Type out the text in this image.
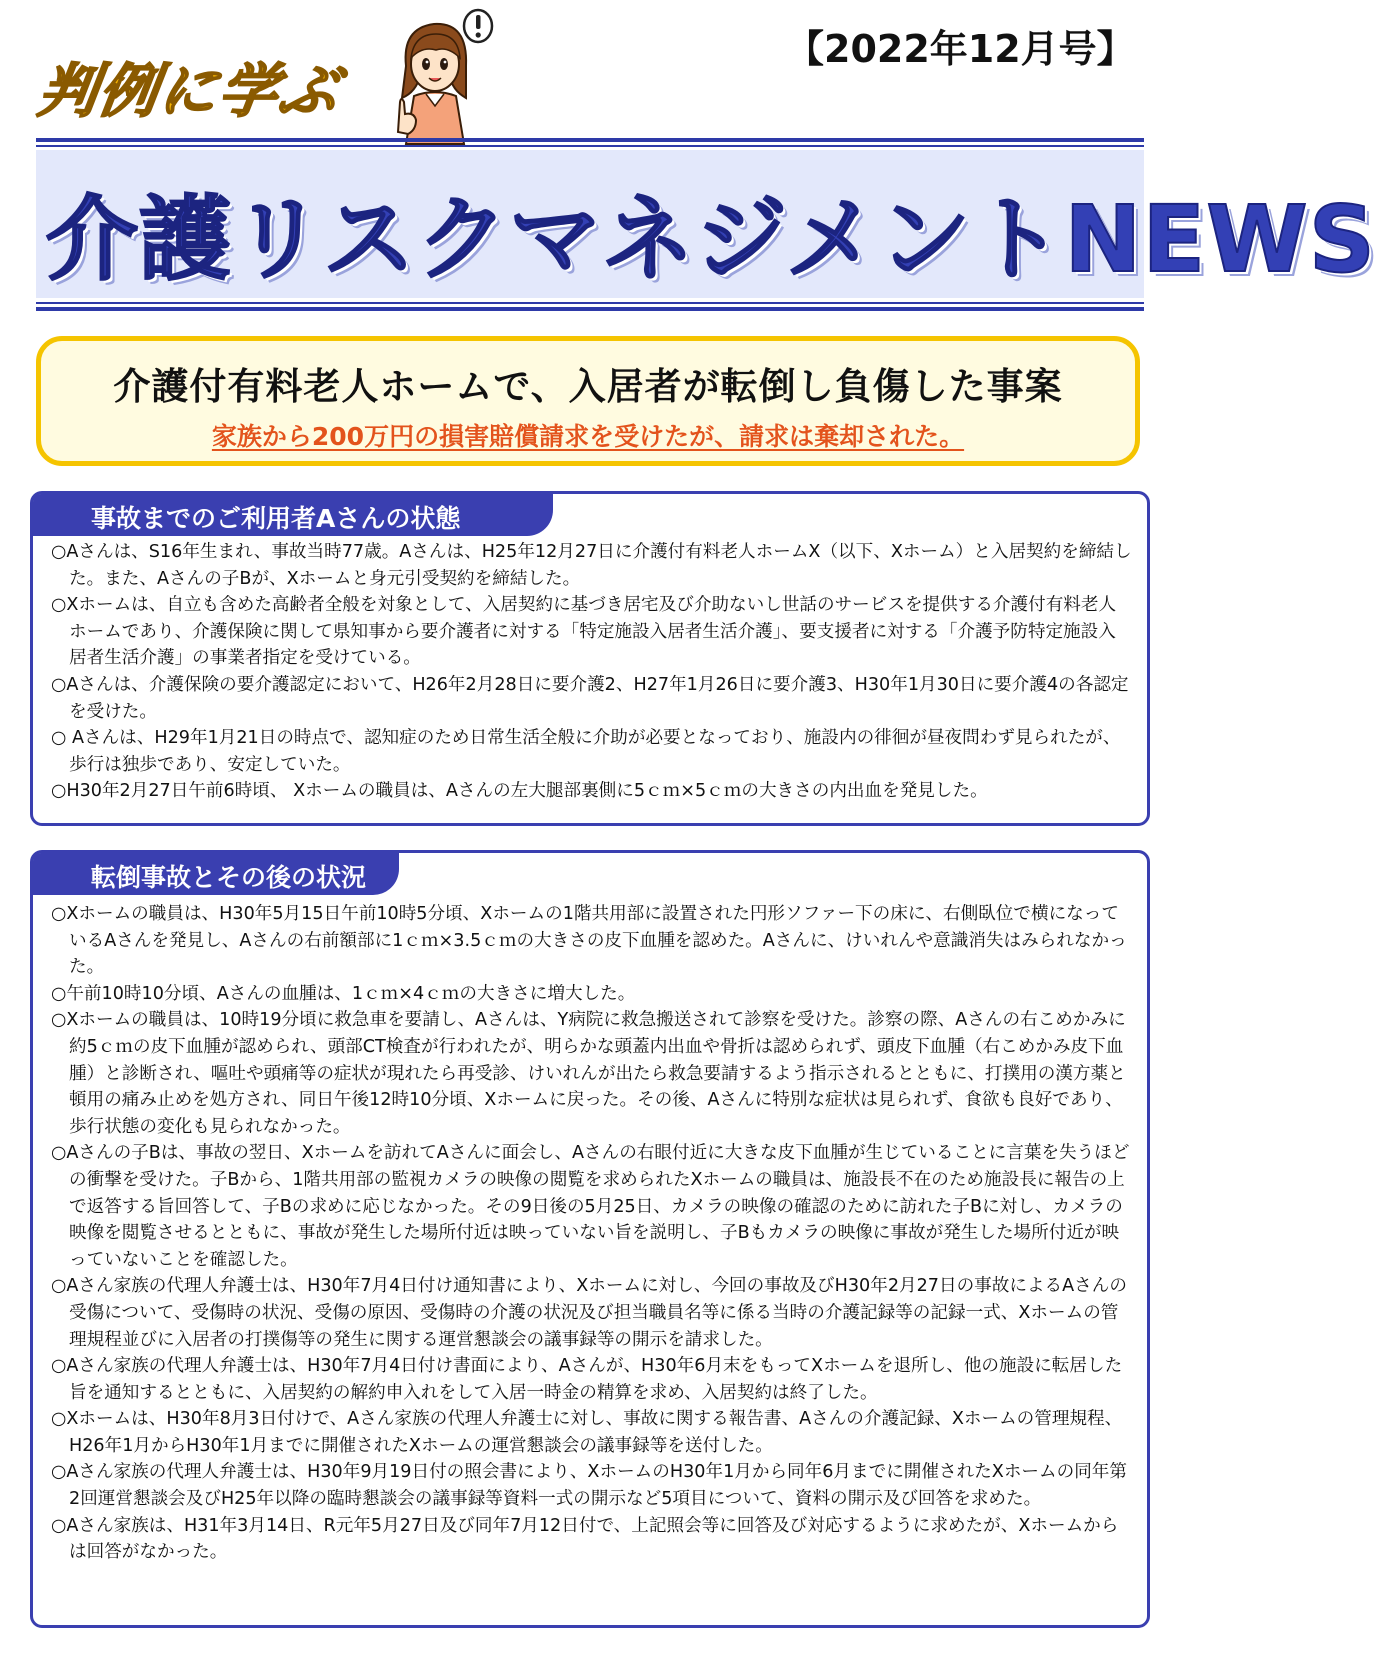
判例に学ぶ
【2022年12月号】
介護リスクマネジメントNEWS
介護付有料老人ホームで、入居者が転倒し負傷した事案
家族から200万円の損害賠償請求を受けたが、請求は棄却された。
事故までのご利用者Aさんの状態

○Aさんは、S16年生まれ、事故当時77歳。Aさんは、H25年12月27日に介護付有料老人ホームX（以下、Xホーム）と入居契約を締結した。また、Aさんの子Bが、Xホームと身元引受契約を締結した。

○Xホームは、自立も含めた高齢者全般を対象として、入居契約に基づき居宅及び介助ないし世話のサービスを提供する介護付有料老人ホームであり、介護保険に関して県知事から要介護者に対する「特定施設入居者生活介護」、要支援者に対する「介護予防特定施設入居者生活介護」の事業者指定を受けている。

○Aさんは、介護保険の要介護認定において、H26年2月28日に要介護2、H27年1月26日に要介護3、H30年1月30日に要介護4の各認定を受けた。

○ Aさんは、H29年1月21日の時点で、認知症のため日常生活全般に介助が必要となっており、施設内の徘徊が昼夜問わず見られたが、歩行は独歩であり、安定していた。

○H30年2月27日午前6時頃、 Xホームの職員は、Aさんの左大腿部裏側に5ｃｍ×5ｃｍの大きさの内出血を発見した。

転倒事故とその後の状況

○Xホームの職員は、H30年5月15日午前10時5分頃、Xホームの1階共用部に設置された円形ソファー下の床に、右側臥位で横になっているAさんを発見し、Aさんの右前額部に1ｃｍ×3.5ｃｍの大きさの皮下血腫を認めた。Aさんに、けいれんや意識消失はみられなかった。

○午前10時10分頃、Aさんの血腫は、1ｃｍ×4ｃｍの大きさに増大した。

○Xホームの職員は、10時19分頃に救急車を要請し、Aさんは、Y病院に救急搬送されて診察を受けた。診察の際、Aさんの右こめかみに約5ｃｍの皮下血腫が認められ、頭部CT検査が行われたが、明らかな頭蓋内出血や骨折は認められず、頭皮下血腫（右こめかみ皮下血腫）と診断され、嘔吐や頭痛等の症状が現れたら再受診、けいれんが出たら救急要請するよう指示されるとともに、打撲用の漢方薬と頓用の痛み止めを処方され、同日午後12時10分頃、Xホームに戻った。その後、Aさんに特別な症状は見られず、食欲も良好であり、歩行状態の変化も見られなかった。

○Aさんの子Bは、事故の翌日、Xホームを訪れてAさんに面会し、Aさんの右眼付近に大きな皮下血腫が生じていることに言葉を失うほどの衝撃を受けた。子Bから、1階共用部の監視カメラの映像の閲覧を求められたXホームの職員は、施設長不在のため施設長に報告の上で返答する旨回答して、子Bの求めに応じなかった。その9日後の5月25日、カメラの映像の確認のために訪れた子Bに対し、カメラの映像を閲覧させるとともに、事故が発生した場所付近は映っていない旨を説明し、子Bもカメラの映像に事故が発生した場所付近が映っていないことを確認した。

○Aさん家族の代理人弁護士は、H30年7月4日付け通知書により、Xホームに対し、今回の事故及びH30年2月27日の事故によるAさんの受傷について、受傷時の状況、受傷の原因、受傷時の介護の状況及び担当職員名等に係る当時の介護記録等の記録一式、Xホームの管理規程並びに入居者の打撲傷等の発生に関する運営懇談会の議事録等の開示を請求した。

○Aさん家族の代理人弁護士は、H30年7月4日付け書面により、Aさんが、H30年6月末をもってXホームを退所し、他の施設に転居した旨を通知するとともに、入居契約の解約申入れをして入居一時金の精算を求め、入居契約は終了した。

○Xホームは、H30年8月3日付けで、Aさん家族の代理人弁護士に対し、事故に関する報告書、Aさんの介護記録、Xホームの管理規程、H26年1月からH30年1月までに開催されたXホームの運営懇談会の議事録等を送付した。

○Aさん家族の代理人弁護士は、H30年9月19日付の照会書により、XホームのH30年1月から同年6月までに開催されたXホームの同年第2回運営懇談会及びH25年以降の臨時懇談会の議事録等資料一式の開示など5項目について、資料の開示及び回答を求めた。

○Aさん家族は、H31年3月14日、R元年5月27日及び同年7月12日付で、上記照会等に回答及び対応するように求めたが、Xホームからは回答がなかった。
